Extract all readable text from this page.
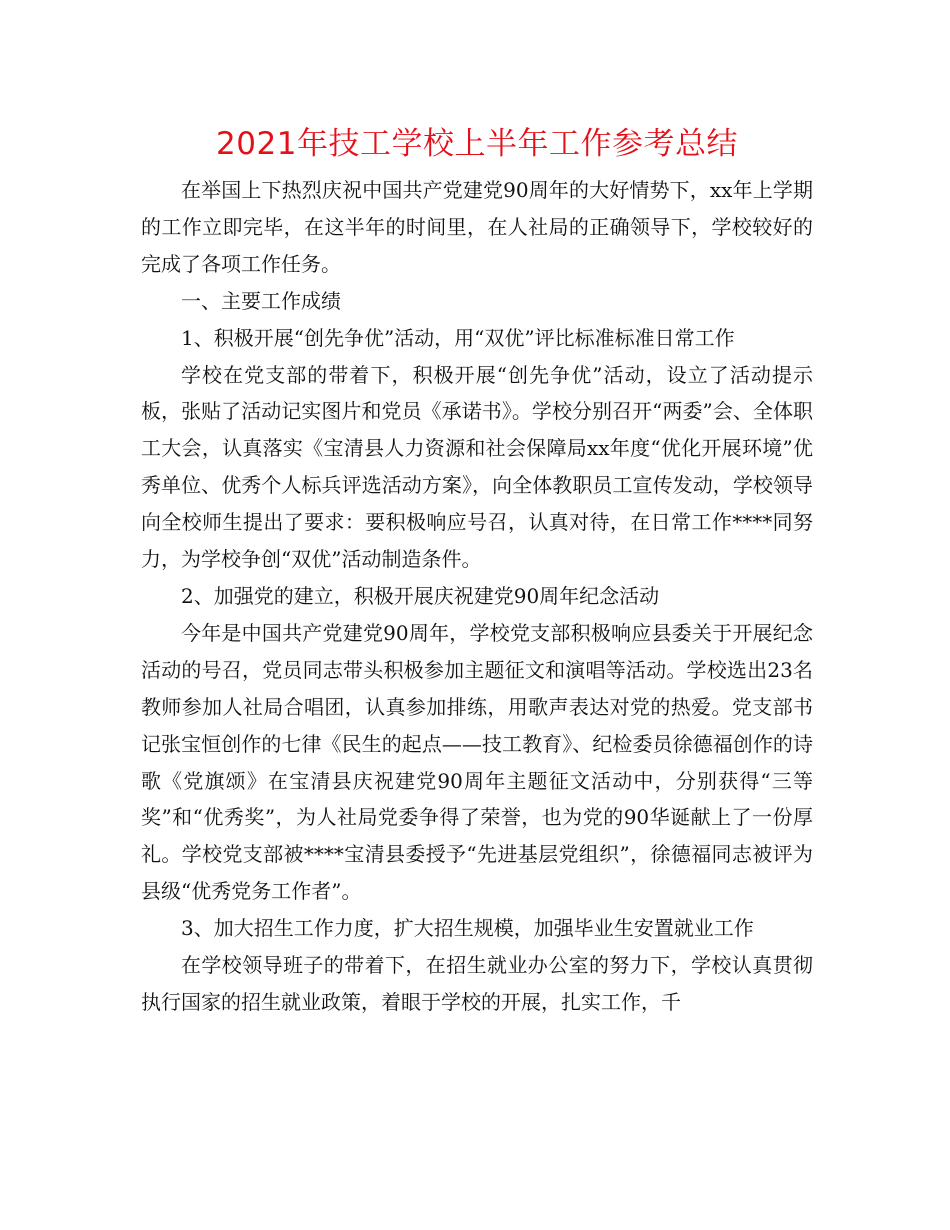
2021年技工学校上半年工作参考总结

在举国上下热烈庆祝中国共产党建党90周年的大好情势下，xx年上学期的工作立即完毕，在这半年的时间里，在人社局的正确领导下，学校较好的完成了各项工作任务。

一、主要工作成绩

1、积极开展“创先争优”活动，用“双优”评比标准标准日常工作

学校在党支部的带着下，积极开展“创先争优”活动，设立了活动提示板，张贴了活动记实图片和党员《承诺书》。学校分别召开“两委”会、全体职工大会，认真落实《宝清县人力资源和社会保障局xx年度“优化开展环境”优秀单位、优秀个人标兵评选活动方案》，向全体教职员工宣传发动，学校领导向全校师生提出了要求：要积极响应号召，认真对待，在日常工作****同努力，为学校争创“双优”活动制造条件。

2、加强党的建立，积极开展庆祝建党90周年纪念活动

今年是中国共产党建党90周年，学校党支部积极响应县委关于开展纪念活动的号召，党员同志带头积极参加主题征文和演唱等活动。学校选出23名教师参加人社局合唱团，认真参加排练，用歌声表达对党的热爱。党支部书记张宝恒创作的七律《民生的起点——技工教育》、纪检委员徐德福创作的诗歌《党旗颂》在宝清县庆祝建党90周年主题征文活动中，分别获得“三等奖”和“优秀奖”，为人社局党委争得了荣誉，也为党的90华诞献上了一份厚礼。学校党支部被****宝清县委授予“先进基层党组织”，徐德福同志被评为县级“优秀党务工作者”。

3、加大招生工作力度，扩大招生规模，加强毕业生安置就业工作

在学校领导班子的带着下，在招生就业办公室的努力下，学校认真贯彻执行国家的招生就业政策，着眼于学校的开展，扎实工作，千
